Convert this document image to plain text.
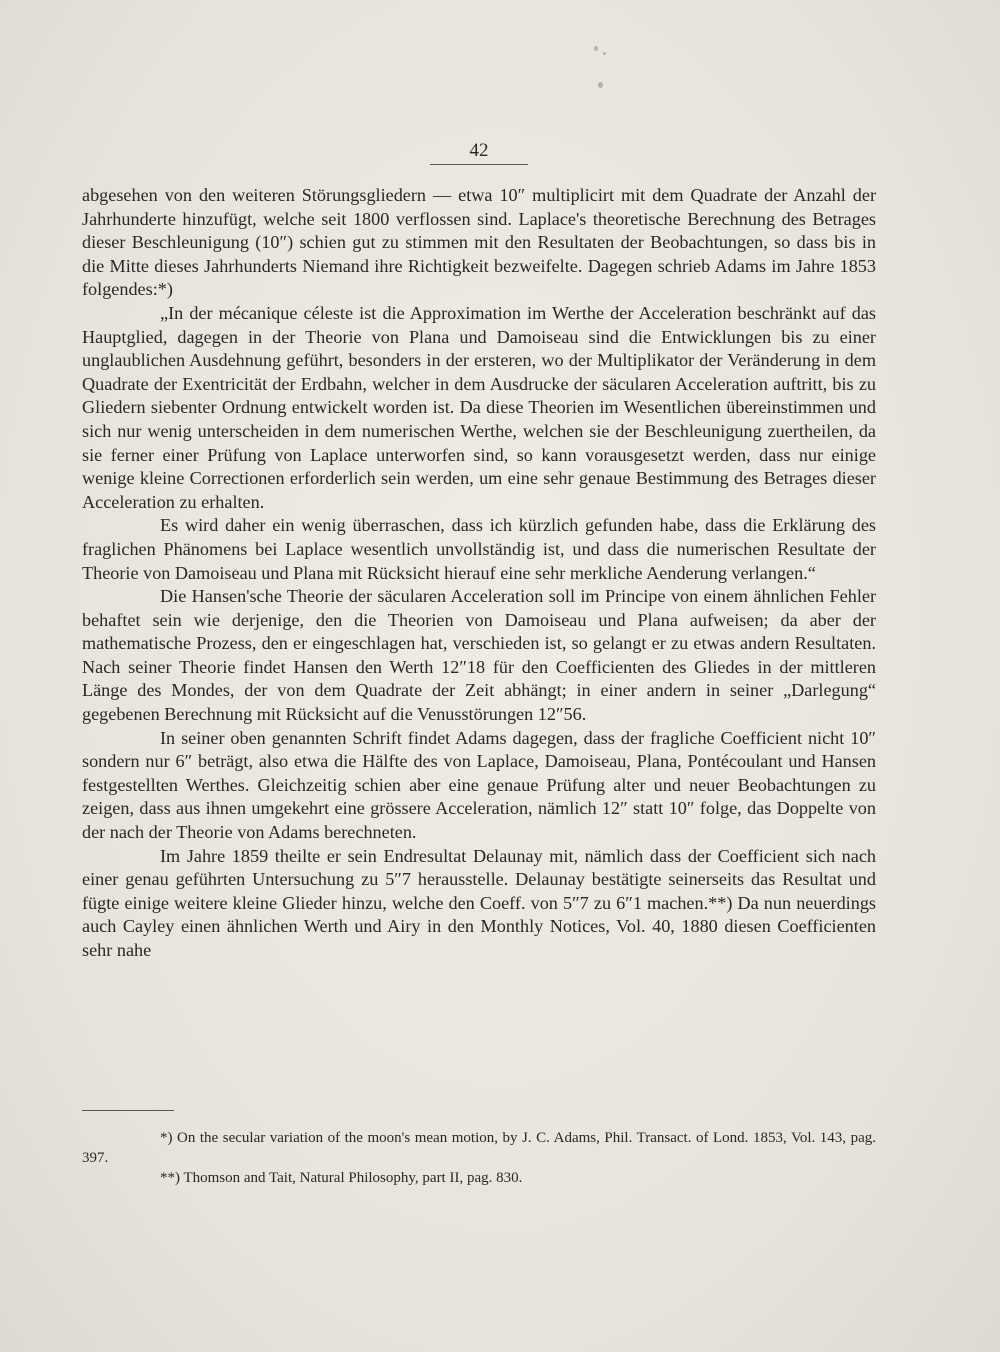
42

abgesehen von den weiteren Störungsgliedern — etwa 10″ multiplicirt mit dem Quadrate der Anzahl der Jahrhunderte hinzufügt, welche seit 1800 verflossen sind. Laplace's theoretische Berechnung des Betrages dieser Beschleunigung (10″) schien gut zu stimmen mit den Resultaten der Beobachtungen, so dass bis in die Mitte dieses Jahrhunderts Niemand ihre Richtigkeit bezweifelte. Dagegen schrieb Adams im Jahre 1853 folgendes:*)

„In der mécanique céleste ist die Approximation im Werthe der Acceleration beschränkt auf das Hauptglied, dagegen in der Theorie von Plana und Damoiseau sind die Entwicklungen bis zu einer unglaublichen Ausdehnung geführt, besonders in der ersteren, wo der Multiplikator der Veränderung in dem Quadrate der Exentricität der Erdbahn, welcher in dem Ausdrucke der säcularen Acceleration auftritt, bis zu Gliedern siebenter Ordnung entwickelt worden ist. Da diese Theorien im Wesentlichen übereinstimmen und sich nur wenig unterscheiden in dem numerischen Werthe, welchen sie der Beschleunigung zuertheilen, da sie ferner einer Prüfung von Laplace unterworfen sind, so kann vorausgesetzt werden, dass nur einige wenige kleine Correctionen erforderlich sein werden, um eine sehr genaue Bestimmung des Betrages dieser Acceleration zu erhalten.

Es wird daher ein wenig überraschen, dass ich kürzlich gefunden habe, dass die Erklärung des fraglichen Phänomens bei Laplace wesentlich unvollständig ist, und dass die numerischen Resultate der Theorie von Damoiseau und Plana mit Rücksicht hierauf eine sehr merkliche Aenderung verlangen.“

Die Hansen'sche Theorie der säcularen Acceleration soll im Principe von einem ähnlichen Fehler behaftet sein wie derjenige, den die Theorien von Damoiseau und Plana aufweisen; da aber der mathematische Prozess, den er eingeschlagen hat, verschieden ist, so gelangt er zu etwas andern Resultaten. Nach seiner Theorie findet Hansen den Werth 12″18 für den Coefficienten des Gliedes in der mittleren Länge des Mondes, der von dem Quadrate der Zeit abhängt; in einer andern in seiner „Darlegung“ gegebenen Berechnung mit Rücksicht auf die Venusstörungen 12″56.

In seiner oben genannten Schrift findet Adams dagegen, dass der fragliche Coefficient nicht 10″ sondern nur 6″ beträgt, also etwa die Hälfte des von Laplace, Damoiseau, Plana, Pontécoulant und Hansen festgestellten Werthes. Gleichzeitig schien aber eine genaue Prüfung alter und neuer Beobachtungen zu zeigen, dass aus ihnen umgekehrt eine grössere Acceleration, nämlich 12″ statt 10″ folge, das Doppelte von der nach der Theorie von Adams berechneten.

Im Jahre 1859 theilte er sein Endresultat Delaunay mit, nämlich dass der Coefficient sich nach einer genau geführten Untersuchung zu 5″7 herausstelle. Delaunay bestätigte seinerseits das Resultat und fügte einige weitere kleine Glieder hinzu, welche den Coeff. von 5″7 zu 6″1 machen.**) Da nun neuerdings auch Cayley einen ähnlichen Werth und Airy in den Monthly Notices, Vol. 40, 1880 diesen Coefficienten sehr nahe

*) On the secular variation of the moon's mean motion, by J. C. Adams, Phil. Transact. of Lond. 1853, Vol. 143, pag. 397.

**) Thomson and Tait, Natural Philosophy, part II, pag. 830.
